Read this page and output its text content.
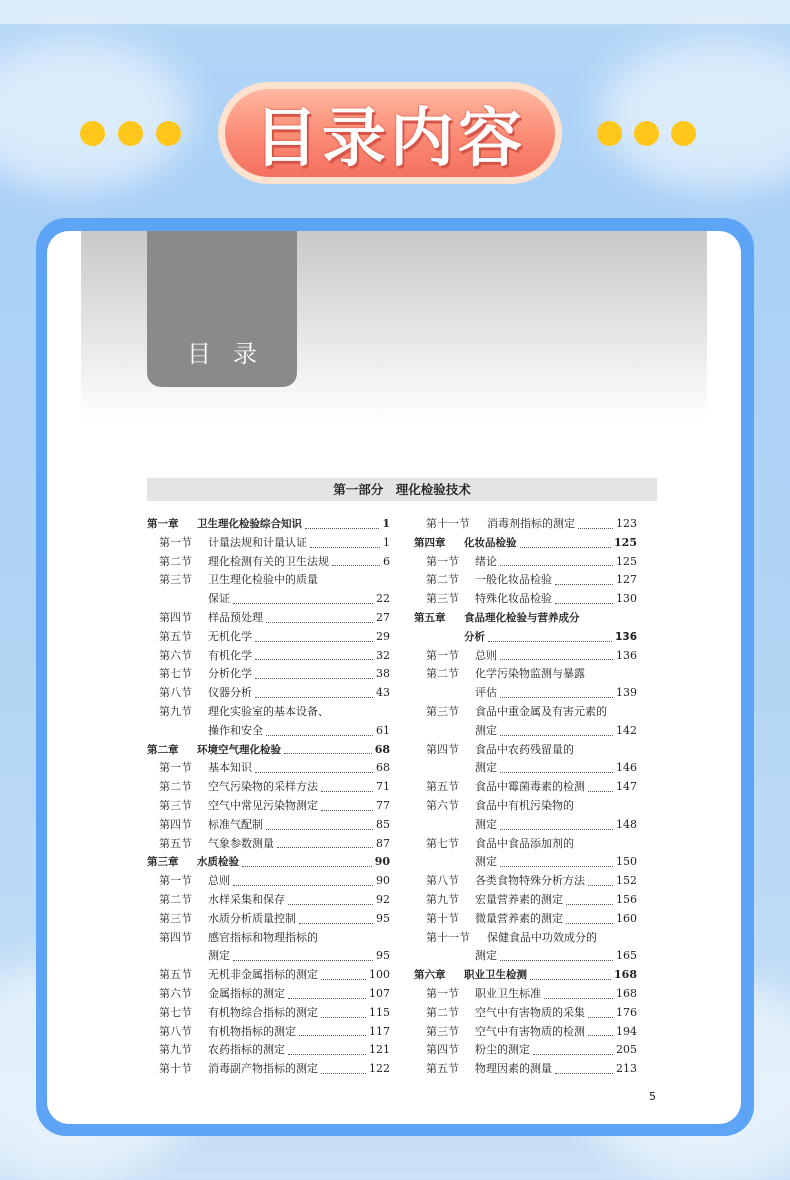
目录内容
目录
第一部分　理化检验技术
第一章 卫生理化检验综合知识	1
第一节 计量法规和计量认证	1
第二节 理化检测有关的卫生法规	6
第三节 卫生理化检验中的质量
保证	22
第四节 样品预处理	27
第五节 无机化学	29
第六节 有机化学	32
第七节 分析化学	38
第八节 仪器分析	43
第九节 理化实验室的基本设备、
操作和安全	61
第二章 环境空气理化检验	68
第一节 基本知识	68
第二节 空气污染物的采样方法	71
第三节 空气中常见污染物测定	77
第四节 标准气配制	85
第五节 气象参数测量	87
第三章 水质检验	90
第一节 总则	90
第二节 水样采集和保存	92
第三节 水质分析质量控制	95
第四节 感官指标和物理指标的
测定	95
第五节 无机非金属指标的测定	100
第六节 金属指标的测定	107
第七节 有机物综合指标的测定	115
第八节 有机物指标的测定	117
第九节 农药指标的测定	121
第十节 消毒副产物指标的测定	122
第十一节 消毒剂指标的测定	123
第四章 化妆品检验	125
第一节 绪论	125
第二节 一般化妆品检验	127
第三节 特殊化妆品检验	130
第五章 食品理化检验与营养成分
分析	136
第一节 总则	136
第二节 化学污染物监测与暴露
评估	139
第三节 食品中重金属及有害元素的
测定	142
第四节 食品中农药残留量的
测定	146
第五节 食品中霉菌毒素的检测	147
第六节 食品中有机污染物的
测定	148
第七节 食品中食品添加剂的
测定	150
第八节 各类食物特殊分析方法	152
第九节 宏量营养素的测定	156
第十节 微量营养素的测定	160
第十一节 保健食品中功效成分的
测定	165
第六章 职业卫生检测	168
第一节 职业卫生标准	168
第二节 空气中有害物质的采集	176
第三节 空气中有害物质的检测	194
第四节 粉尘的测定	205
第五节 物理因素的测量	213
5
